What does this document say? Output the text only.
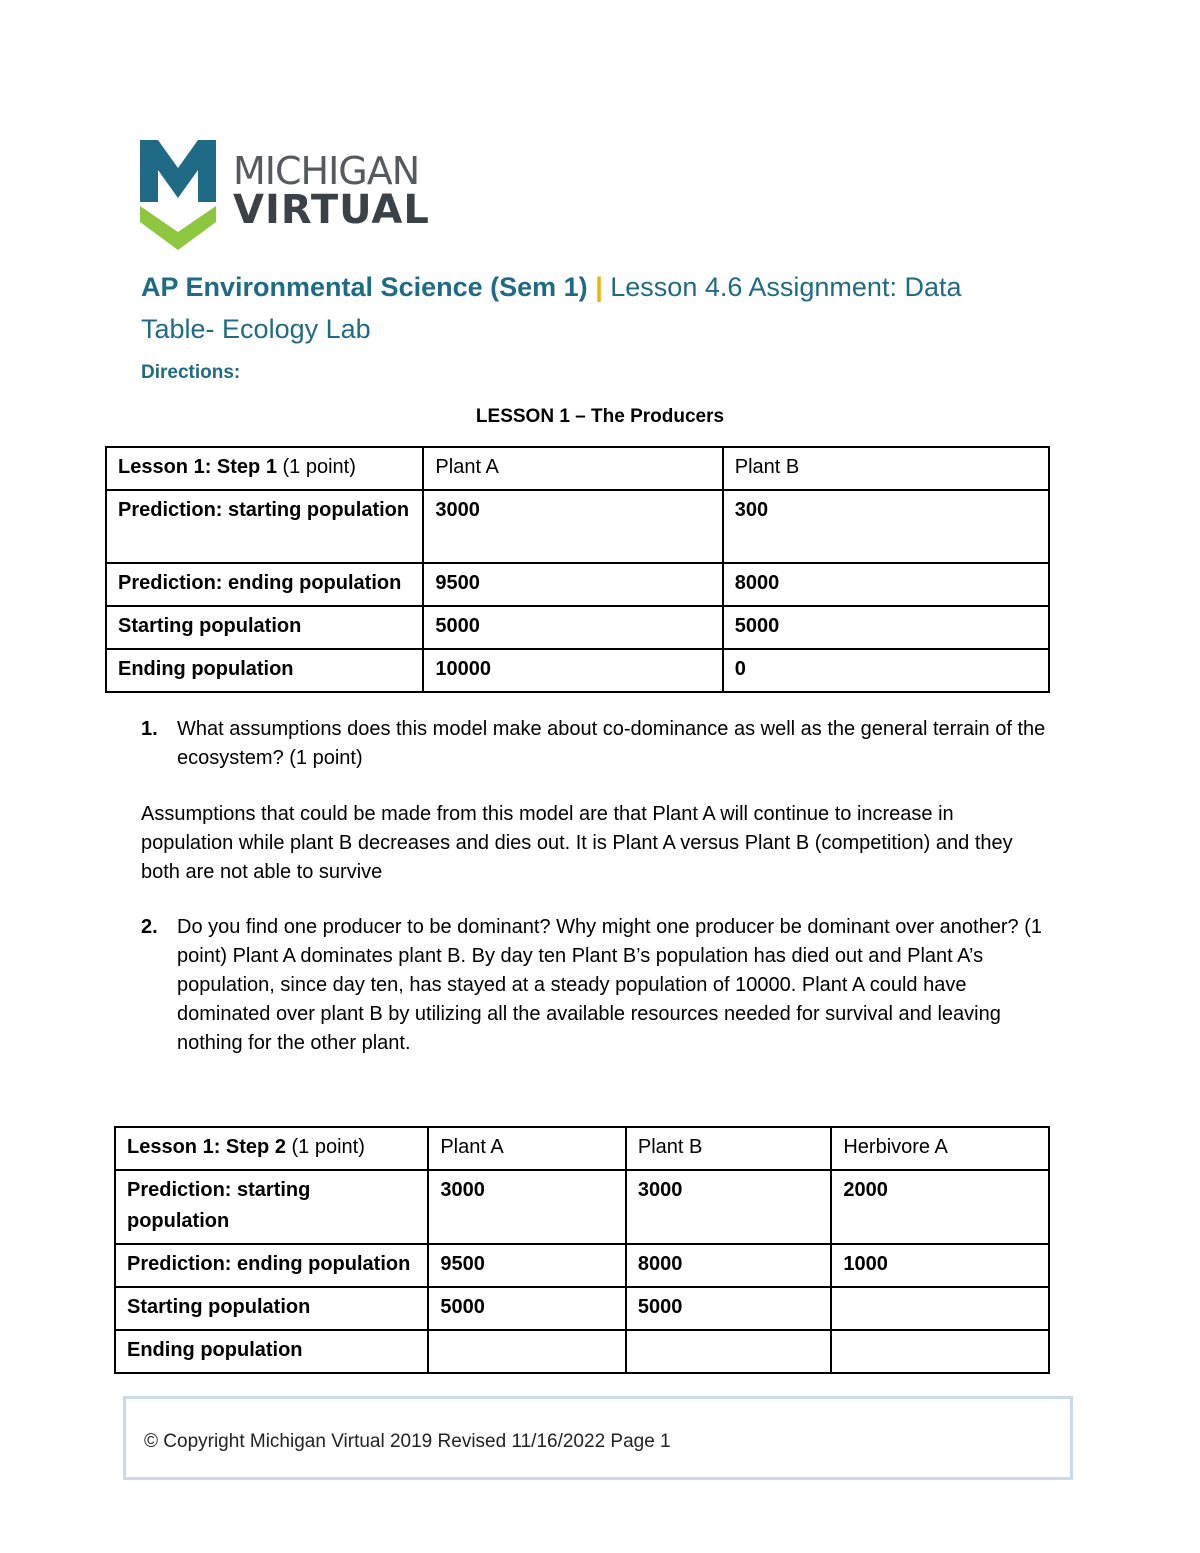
MICHIGAN
VIRTUAL
AP Environmental Science (Sem 1) | Lesson 4.6 Assignment: Data Table- Ecology Lab
Directions:
LESSON 1 – The Producers
Lesson 1: Step 1 (1 point)	Plant A	Plant B
Prediction: starting population	3000	300
Prediction: ending population	9500	8000
Starting population	5000	5000
Ending population	10000	0
1. What assumptions does this model make about co-dominance as well as the general terrain of the ecosystem? (1 point)
Assumptions that could be made from this model are that Plant A will continue to increase in population while plant B decreases and dies out. It is Plant A versus Plant B (competition) and they both are not able to survive
2. Do you find one producer to be dominant? Why might one producer be dominant over another? (1 point) Plant A dominates plant B. By day ten Plant B’s population has died out and Plant A’s population, since day ten, has stayed at a steady population of 10000. Plant A could have dominated over plant B by utilizing all the available resources needed for survival and leaving nothing for the other plant.
Lesson 1: Step 2 (1 point)	Plant A	Plant B	Herbivore A
Prediction: starting population	3000	3000	2000
Prediction: ending population	9500	8000	1000
Starting population	5000	5000	
Ending population			
© Copyright Michigan Virtual 2019 Revised 11/16/2022 Page 1
